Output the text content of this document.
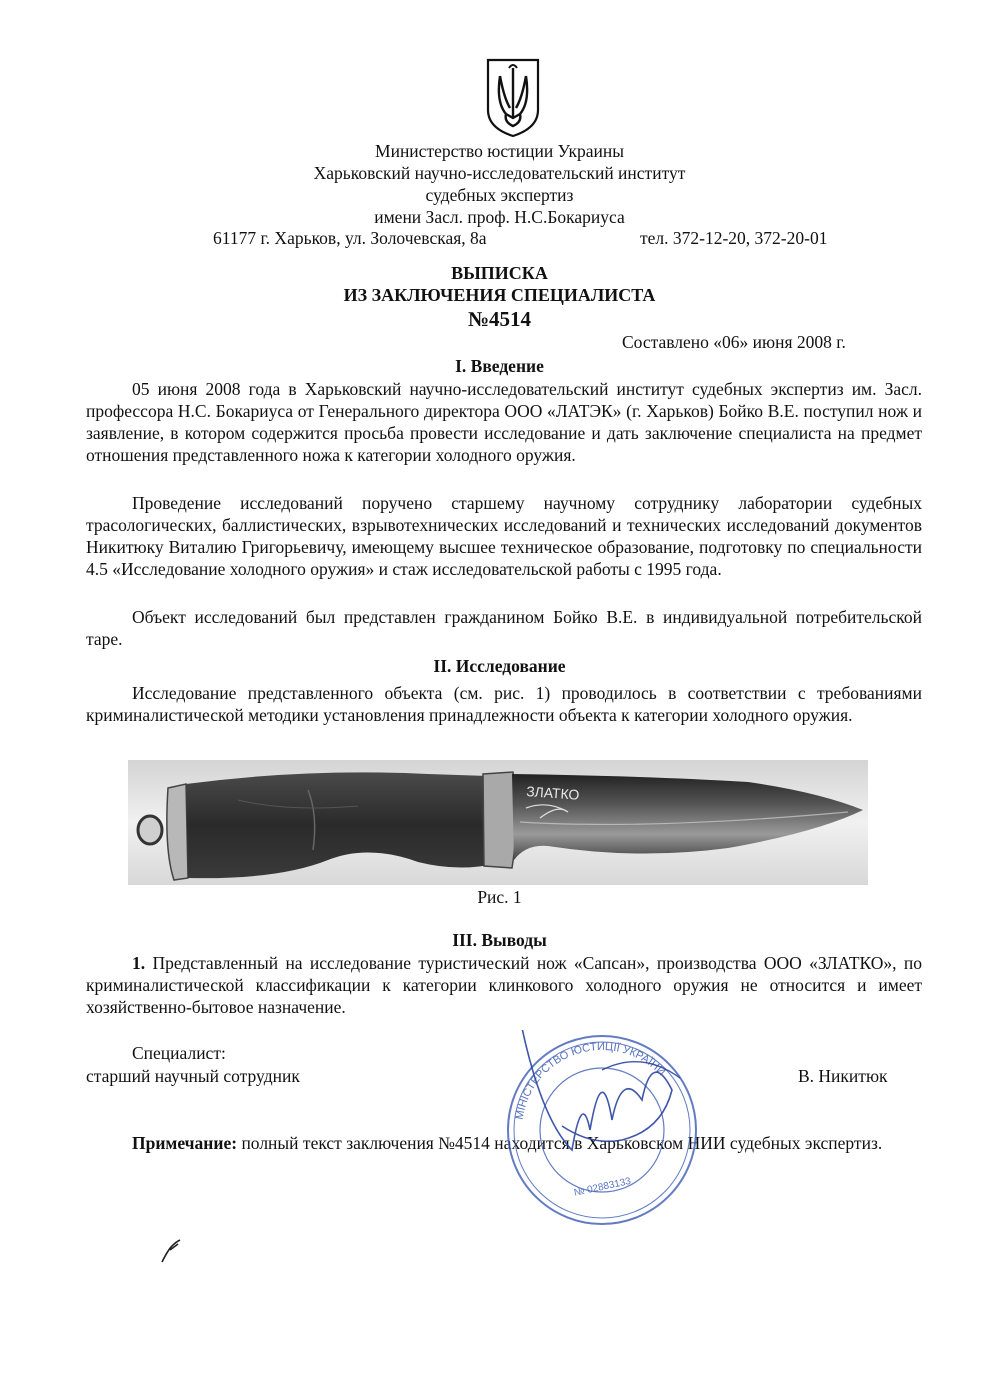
Министерство юстиции Украины
Харьковский научно-исследовательский институт
судебных экспертиз
имени Засл. проф. Н.С.Бокариуса
61177 г. Харьков, ул. Золочевская, 8а	тел. 372-12-20, 372-20-01
ВЫПИСКА
ИЗ ЗАКЛЮЧЕНИЯ СПЕЦИАЛИСТА
№4514
Составлено «06» июня 2008 г.
I. Введение

05 июня 2008 года в Харьковский научно-исследовательский институт судебных экспертиз им. Засл. профессора Н.С. Бокариуса от Генерального директора ООО «ЛАТЭК» (г. Харьков) Бойко В.Е. поступил нож и заявление, в котором содержится просьба провести исследование и дать заключение специалиста на предмет отношения представленного ножа к категории холодного оружия.

Проведение исследований поручено старшему научному сотруднику лаборатории судебных трасологических, баллистических, взрывотехнических исследований и технических исследований документов Никитюку Виталию Григорьевичу, имеющему высшее техническое образование, подготовку по специальности 4.5 «Исследование холодного оружия» и стаж исследовательской работы с 1995 года.

Объект исследований был представлен гражданином Бойко В.Е. в индивидуальной потребительской таре.

II. Исследование

Исследование представленного объекта (см. рис. 1) проводилось в соответствии с требованиями криминалистической методики установления принадлежности объекта к категории холодного оружия.

ЗЛАТКО
Рис. 1
III. Выводы

1. Представленный на исследование туристический нож «Сапсан», производства ООО «ЗЛАТКО», по криминалистической классификации к категории клинкового холодного оружия не относится и имеет хозяйственно-бытовое назначение.

Специалист:
старший научный сотрудник	В. Никитюк

Примечание: полный текст заключения №4514 находится в Харьковском НИИ судебных экспертиз.

МІНІСТЕРСТВО ЮСТИЦІЇ УКРАЇНИ
№ 02883133
